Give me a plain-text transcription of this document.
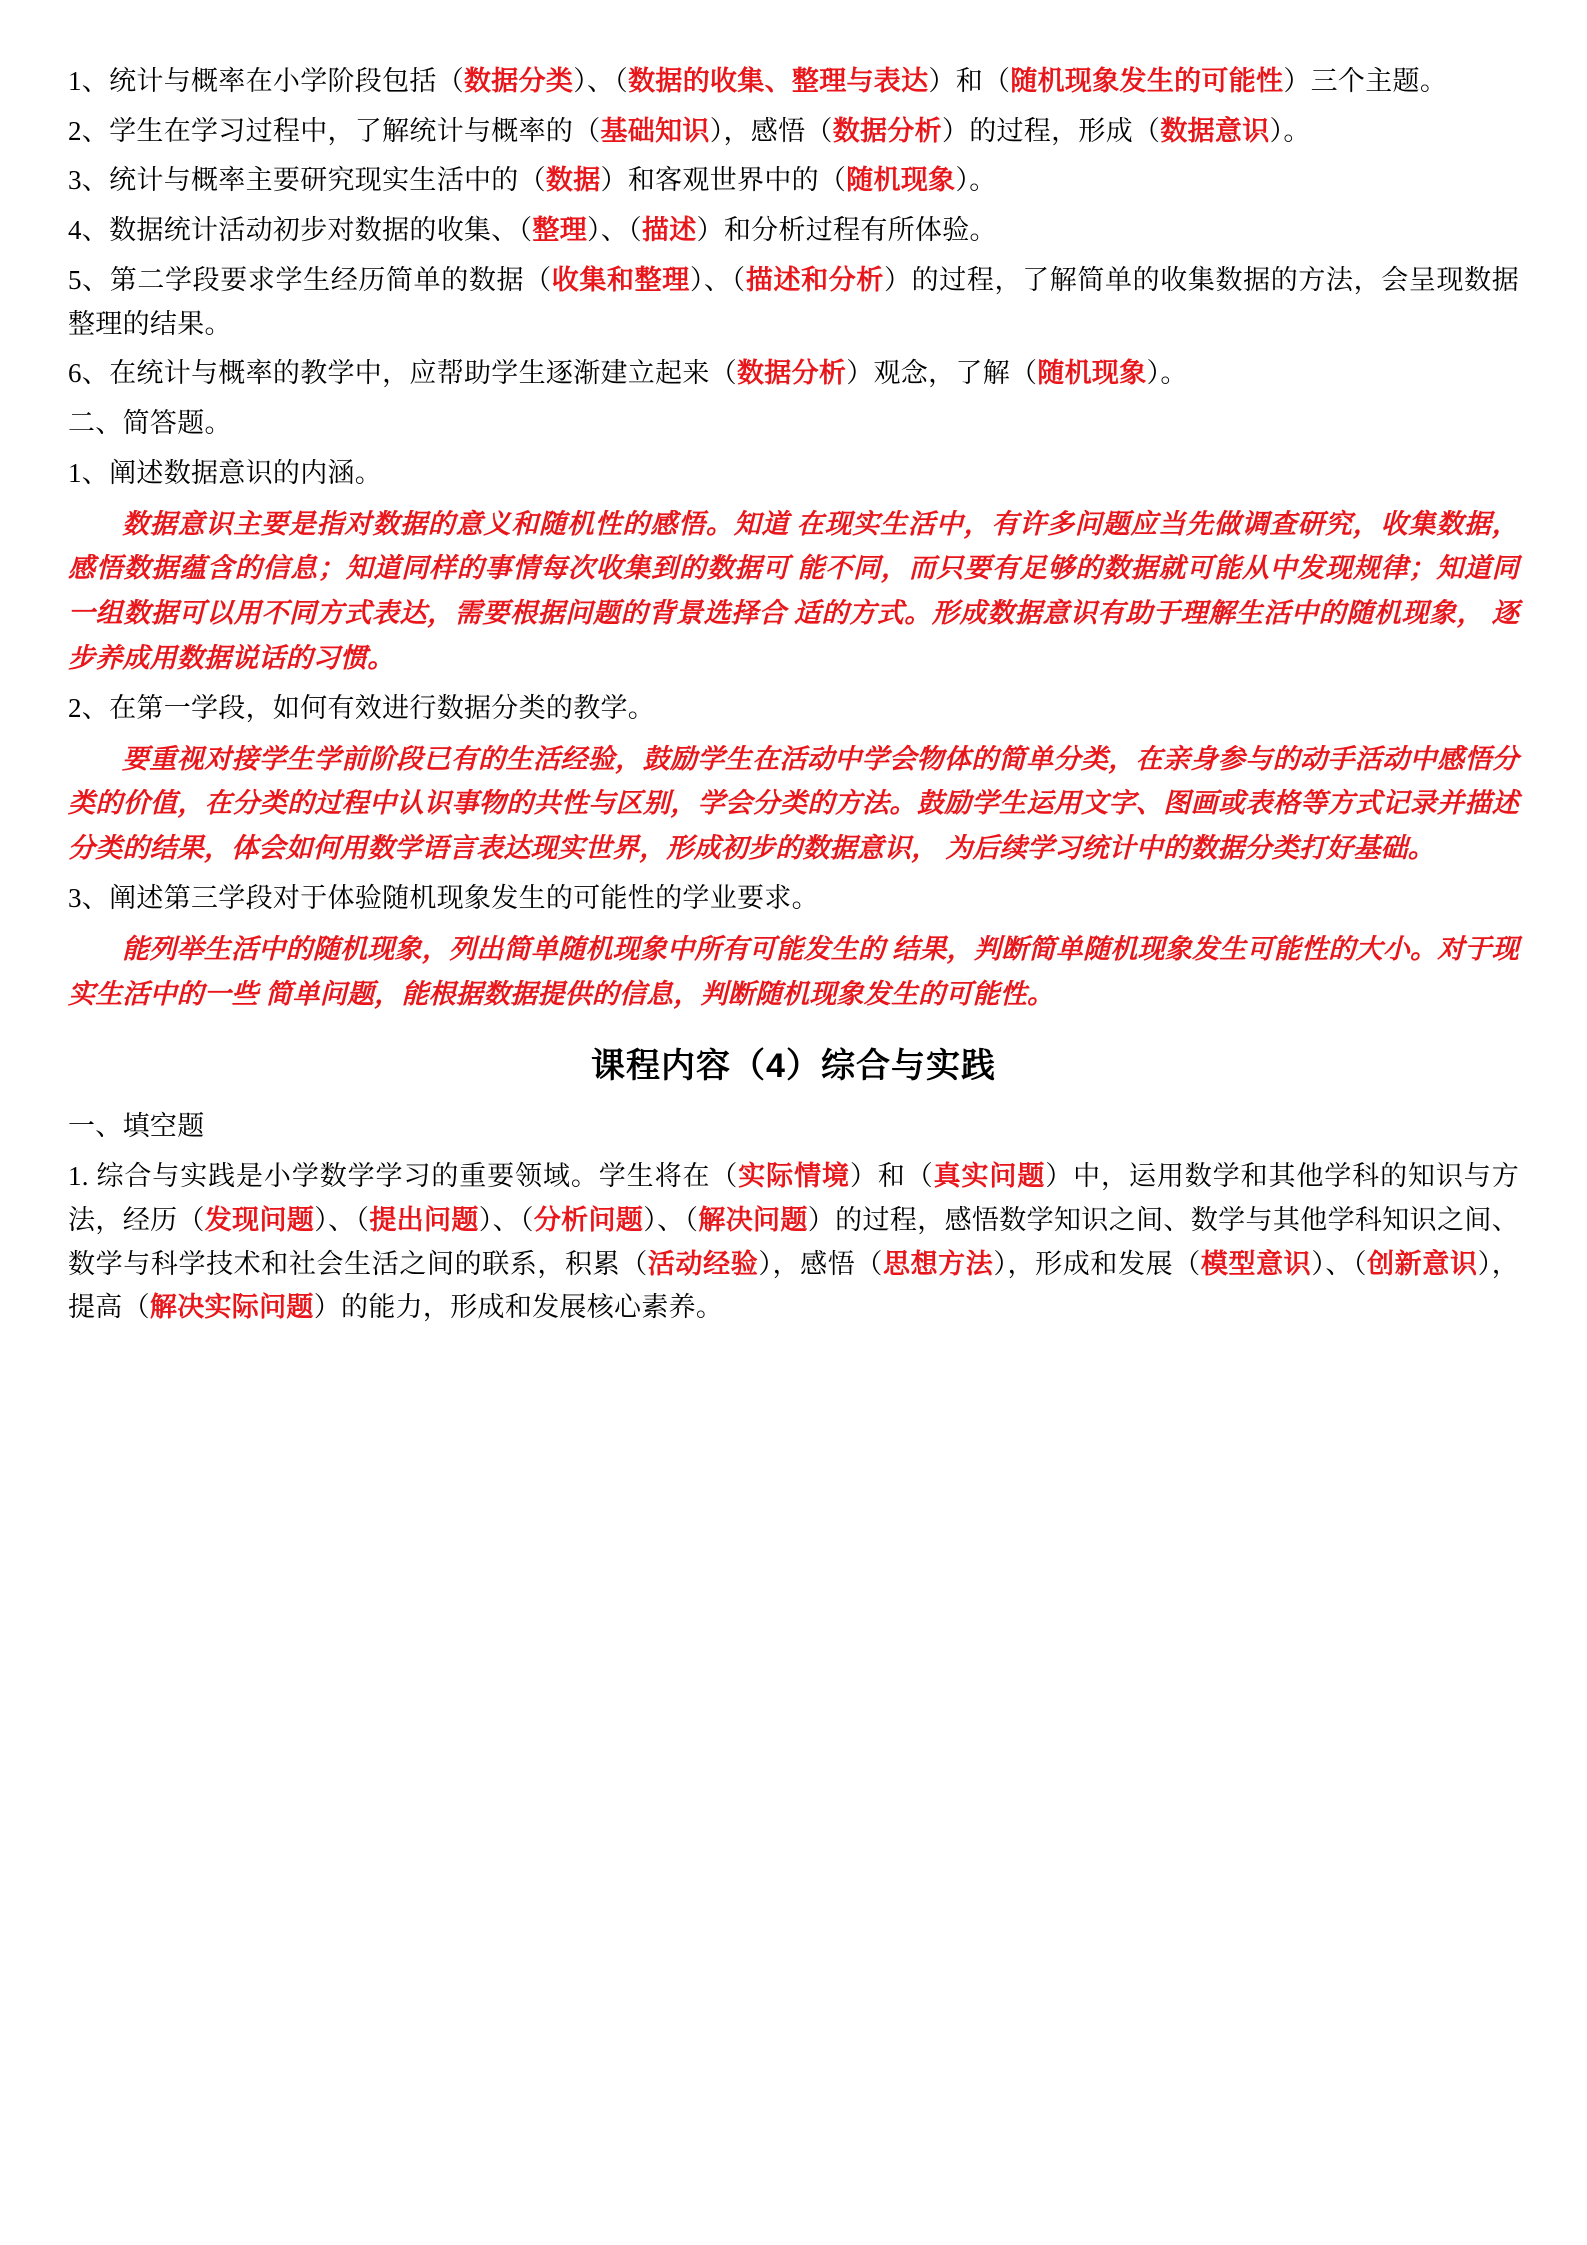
1、统计与概率在小学阶段包括（数据分类）、（数据的收集、整理与表达）和（随机现象发生的可能性）三个主题。

2、学生在学习过程中，了解统计与概率的（基础知识），感悟（数据分析）的过程，形成（数据意识）。

3、统计与概率主要研究现实生活中的（数据）和客观世界中的（随机现象）。

4、数据统计活动初步对数据的收集、（整理）、（描述）和分析过程有所体验。

5、第二学段要求学生经历简单的数据（收集和整理）、（描述和分析）的过程，了解简单的收集数据的方法，会呈现数据整理的结果。

6、在统计与概率的教学中，应帮助学生逐渐建立起来（数据分析）观念，了解（随机现象）。

二、简答题。

1、阐述数据意识的内涵。

数据意识主要是指对数据的意义和随机性的感悟。知道 在现实生活中，有许多问题应当先做调查研究，收集数据， 感悟数据蕴含的信息；知道同样的事情每次收集到的数据可 能不同，而只要有足够的数据就可能从中发现规律；知道同 一组数据可以用不同方式表达，需要根据问题的背景选择合 适的方式。形成数据意识有助于理解生活中的随机现象， 逐 步养成用数据说话的习惯。

2、在第一学段，如何有效进行数据分类的教学。

要重视对接学生学前阶段已有的生活经验，鼓励学生在活动中学会物体的简单分类，在亲身参与的动手活动中感悟分类的价值，在分类的过程中认识事物的共性与区别，学会分类的方法。鼓励学生运用文字、图画或表格等方式记录并描述分类的结果，体会如何用数学语言表达现实世界，形成初步的数据意识， 为后续学习统计中的数据分类打好基础。

3、阐述第三学段对于体验随机现象发生的可能性的学业要求。

能列举生活中的随机现象，列出简单随机现象中所有可能发生的 结果，判断简单随机现象发生可能性的大小。对于现实生活中的一些 简单问题，能根据数据提供的信息，判断随机现象发生的可能性。

课程内容（4）综合与实践

一、填空题

1. 综合与实践是小学数学学习的重要领域。学生将在（实际情境）和（真实问题）中，运用数学和其他学科的知识与方法，经历（发现问题）、（提出问题）、（分析问题）、（解决问题）的过程，感悟数学知识之间、数学与其他学科知识之间、数学与科学技术和社会生活之间的联系，积累（活动经验），感悟（思想方法），形成和发展（模型意识）、（创新意识），提高（解决实际问题）的能力，形成和发展核心素养。
